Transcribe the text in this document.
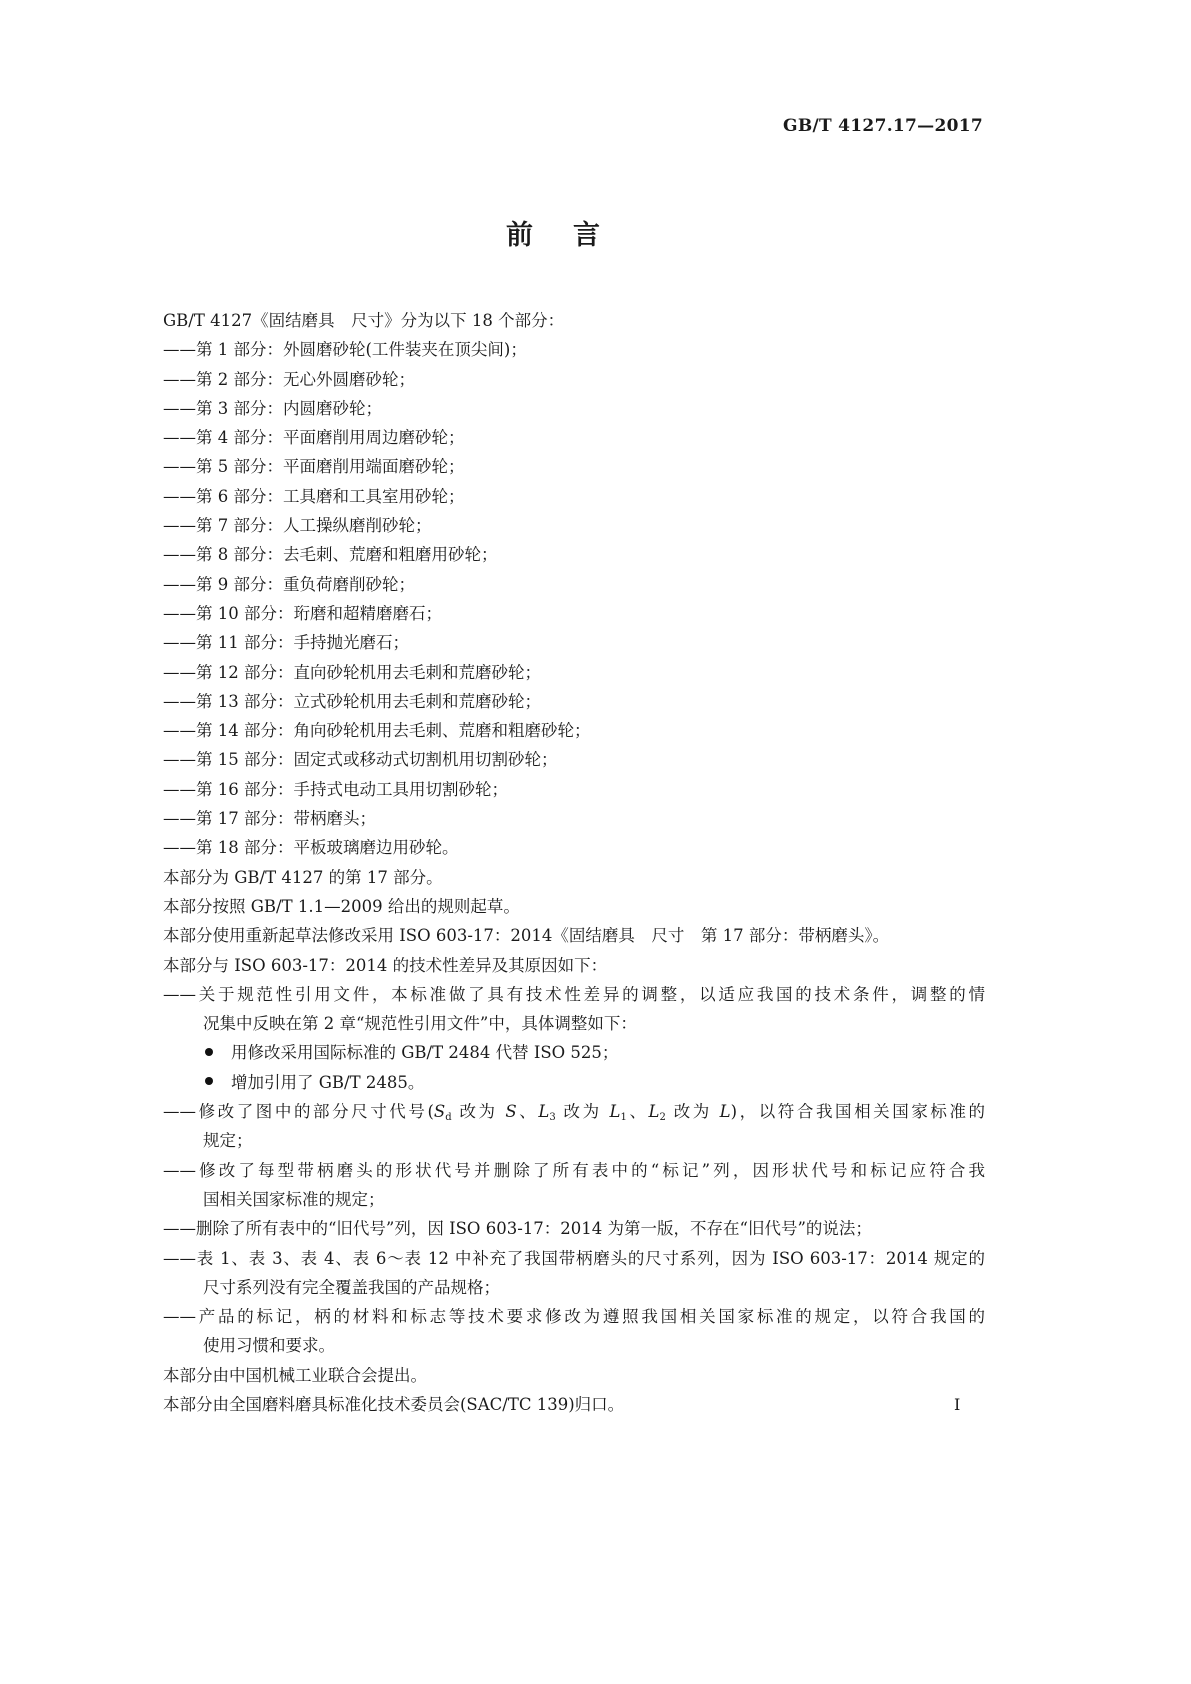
GB/T 4127.17—2017
前言
GB/T 4127《固结磨具　尺寸》分为以下 18 个部分：
——第 1 部分：外圆磨砂轮(工件装夹在顶尖间)；
——第 2 部分：无心外圆磨砂轮；
——第 3 部分：内圆磨砂轮；
——第 4 部分：平面磨削用周边磨砂轮；
——第 5 部分：平面磨削用端面磨砂轮；
——第 6 部分：工具磨和工具室用砂轮；
——第 7 部分：人工操纵磨削砂轮；
——第 8 部分：去毛刺、荒磨和粗磨用砂轮；
——第 9 部分：重负荷磨削砂轮；
——第 10 部分：珩磨和超精磨磨石；
——第 11 部分：手持抛光磨石；
——第 12 部分：直向砂轮机用去毛刺和荒磨砂轮；
——第 13 部分：立式砂轮机用去毛刺和荒磨砂轮；
——第 14 部分：角向砂轮机用去毛刺、荒磨和粗磨砂轮；
——第 15 部分：固定式或移动式切割机用切割砂轮；
——第 16 部分：手持式电动工具用切割砂轮；
——第 17 部分：带柄磨头；
——第 18 部分：平板玻璃磨边用砂轮。
本部分为 GB/T 4127 的第 17 部分。
本部分按照 GB/T 1.1—2009 给出的规则起草。
本部分使用重新起草法修改采用 ISO 603-17：2014《固结磨具　尺寸　第 17 部分：带柄磨头》。
本部分与 ISO 603-17：2014 的技术性差异及其原因如下：
——关于规范性引用文件，本标准做了具有技术性差异的调整，以适应我国的技术条件，调整的情
况集中反映在第 2 章“规范性引用文件”中，具体调整如下：
用修改采用国际标准的 GB/T 2484 代替 ISO 525；
增加引用了 GB/T 2485。
——修改了图中的部分尺寸代号($S_d$ 改为 S、$L_3$ 改为 $L_1$、$L_2$ 改为 L)，以符合我国相关国家标准的
规定；
——修改了每型带柄磨头的形状代号并删除了所有表中的“标记”列，因形状代号和标记应符合我
国相关国家标准的规定；
——删除了所有表中的“旧代号”列，因 ISO 603-17：2014 为第一版，不存在“旧代号”的说法；
——表 1、表 3、表 4、表 6～表 12 中补充了我国带柄磨头的尺寸系列，因为 ISO 603-17：2014 规定的
尺寸系列没有完全覆盖我国的产品规格；
——产品的标记，柄的材料和标志等技术要求修改为遵照我国相关国家标准的规定，以符合我国的
使用习惯和要求。
本部分由中国机械工业联合会提出。
本部分由全国磨料磨具标准化技术委员会(SAC/TC 139)归口。	I
